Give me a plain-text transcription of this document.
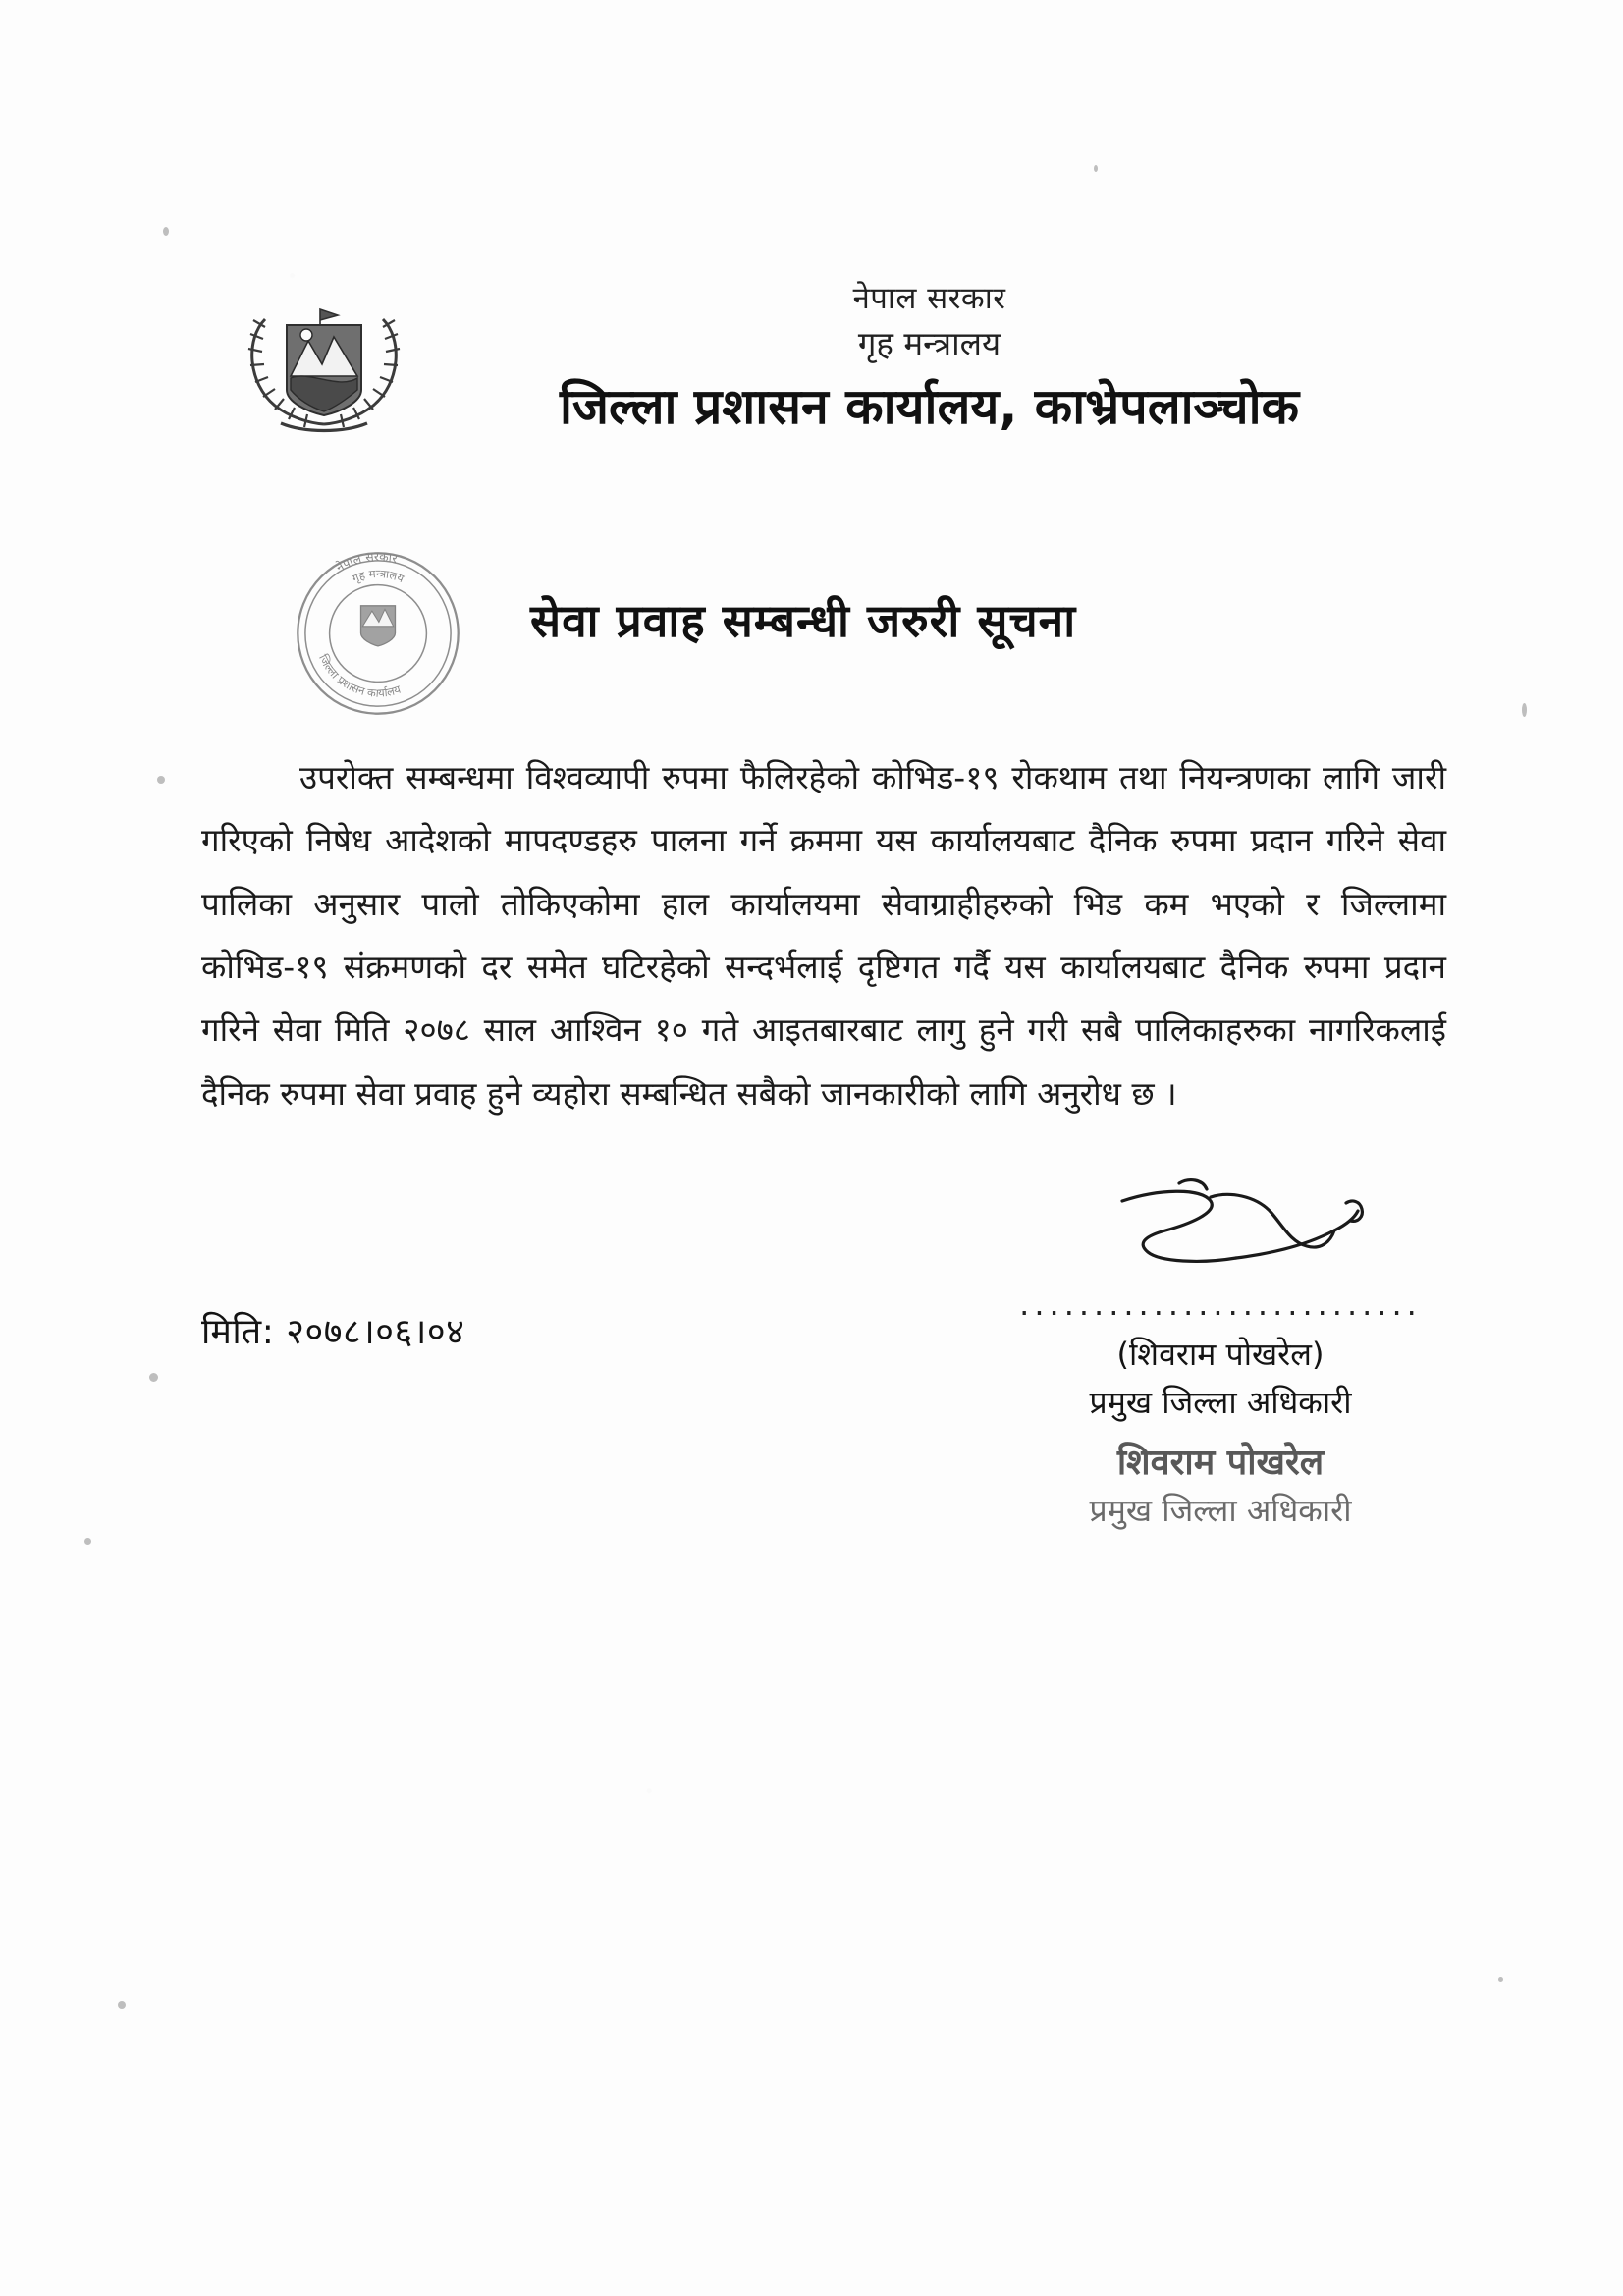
नेपाल सरकार
गृह मन्त्रालय
जिल्ला प्रशासन कार्यालय, काभ्रेपलाञ्चोक
नेपाल सरकार
गृह मन्त्रालय
जिल्ला प्रशासन कार्यालय
सेवा प्रवाह सम्बन्धी जरुरी सूचना
उपरोक्त सम्बन्धमा विश्वव्यापी रुपमा फैलिरहेको कोभिड-१९ रोकथाम तथा नियन्त्रणका लागि जारी गरिएको निषेध आदेशको मापदण्डहरु पालना गर्ने क्रममा यस कार्यालयबाट दैनिक रुपमा प्रदान गरिने सेवा पालिका अनुसार पालो तोकिएकोमा हाल कार्यालयमा सेवाग्राहीहरुको भिड कम भएको र जिल्लामा कोभिड-१९ संक्रमणको दर समेत घटिरहेको सन्दर्भलाई दृष्टिगत गर्दै यस कार्यालयबाट दैनिक रुपमा प्रदान गरिने सेवा मिति २०७८ साल आश्विन १० गते आइतबारबाट लागु हुने गरी सबै पालिकाहरुका नागरिकलाई दैनिक रुपमा सेवा प्रवाह हुने व्यहोरा सम्बन्धित सबैको जानकारीको लागि अनुरोध छ ।
मिति: २०७८।०६।०४
...........................
(शिवराम पोखरेल)
प्रमुख जिल्ला अधिकारी
शिवराम पोखरेल
प्रमुख जिल्ला अधिकारी
